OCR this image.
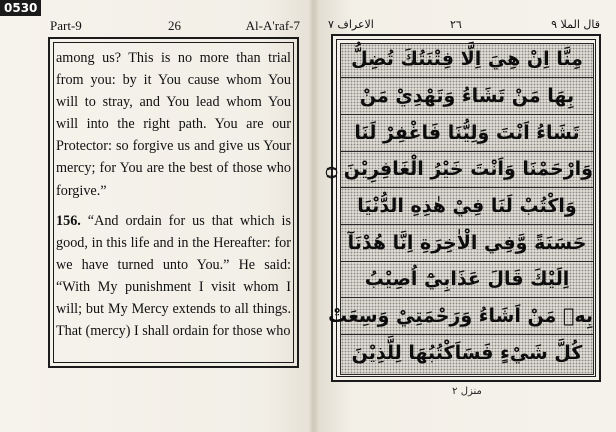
0530
Part-9	26	Al-A'raf-7

among us? This is no more than trial from you: by it You cause whom You will to stray, and You lead whom You will into the right path. You are our Protector: so forgive us and give us Your mercy; for You are the best of those who forgive.”

156. “And ordain for us that which is good, in this life and in the Hereafter: for we have turned unto You.” He said: “With My punishment I visit whom I will; but My Mercy extends to all things. That (mercy) I shall ordain for those who

قال الملا ٩
٢٦
الاعراف ٧
مِنَّا اِنْ هِيَ اِلَّا فِتْنَتُكَ تُضِلُّ
بِهَا مَنْ تَشَاءُ وَتَهْدِيْ مَنْ
تَشَاءُ اَنْتَ وَلِيُّنَا فَاغْفِرْ لَنَا
وَارْحَمْنَا وَاَنْتَ خَيْرُ الْغَافِرِيْنَ ۝
وَاكْتُبْ لَنَا فِيْ هٰذِهِ الدُّنْيَا
حَسَنَةً وَّفِي الْاٰخِرَةِ اِنَّا هُدْنَآ
اِلَيْكَ قَالَ عَذَابِيْٓ اُصِيْبُ
بِهٖ مَنْ اَشَاءُ وَرَحْمَتِيْ وَسِعَتْ
كُلَّ شَيْءٍ فَسَاَكْتُبُهَا لِلَّذِيْنَ
منزل ٢
